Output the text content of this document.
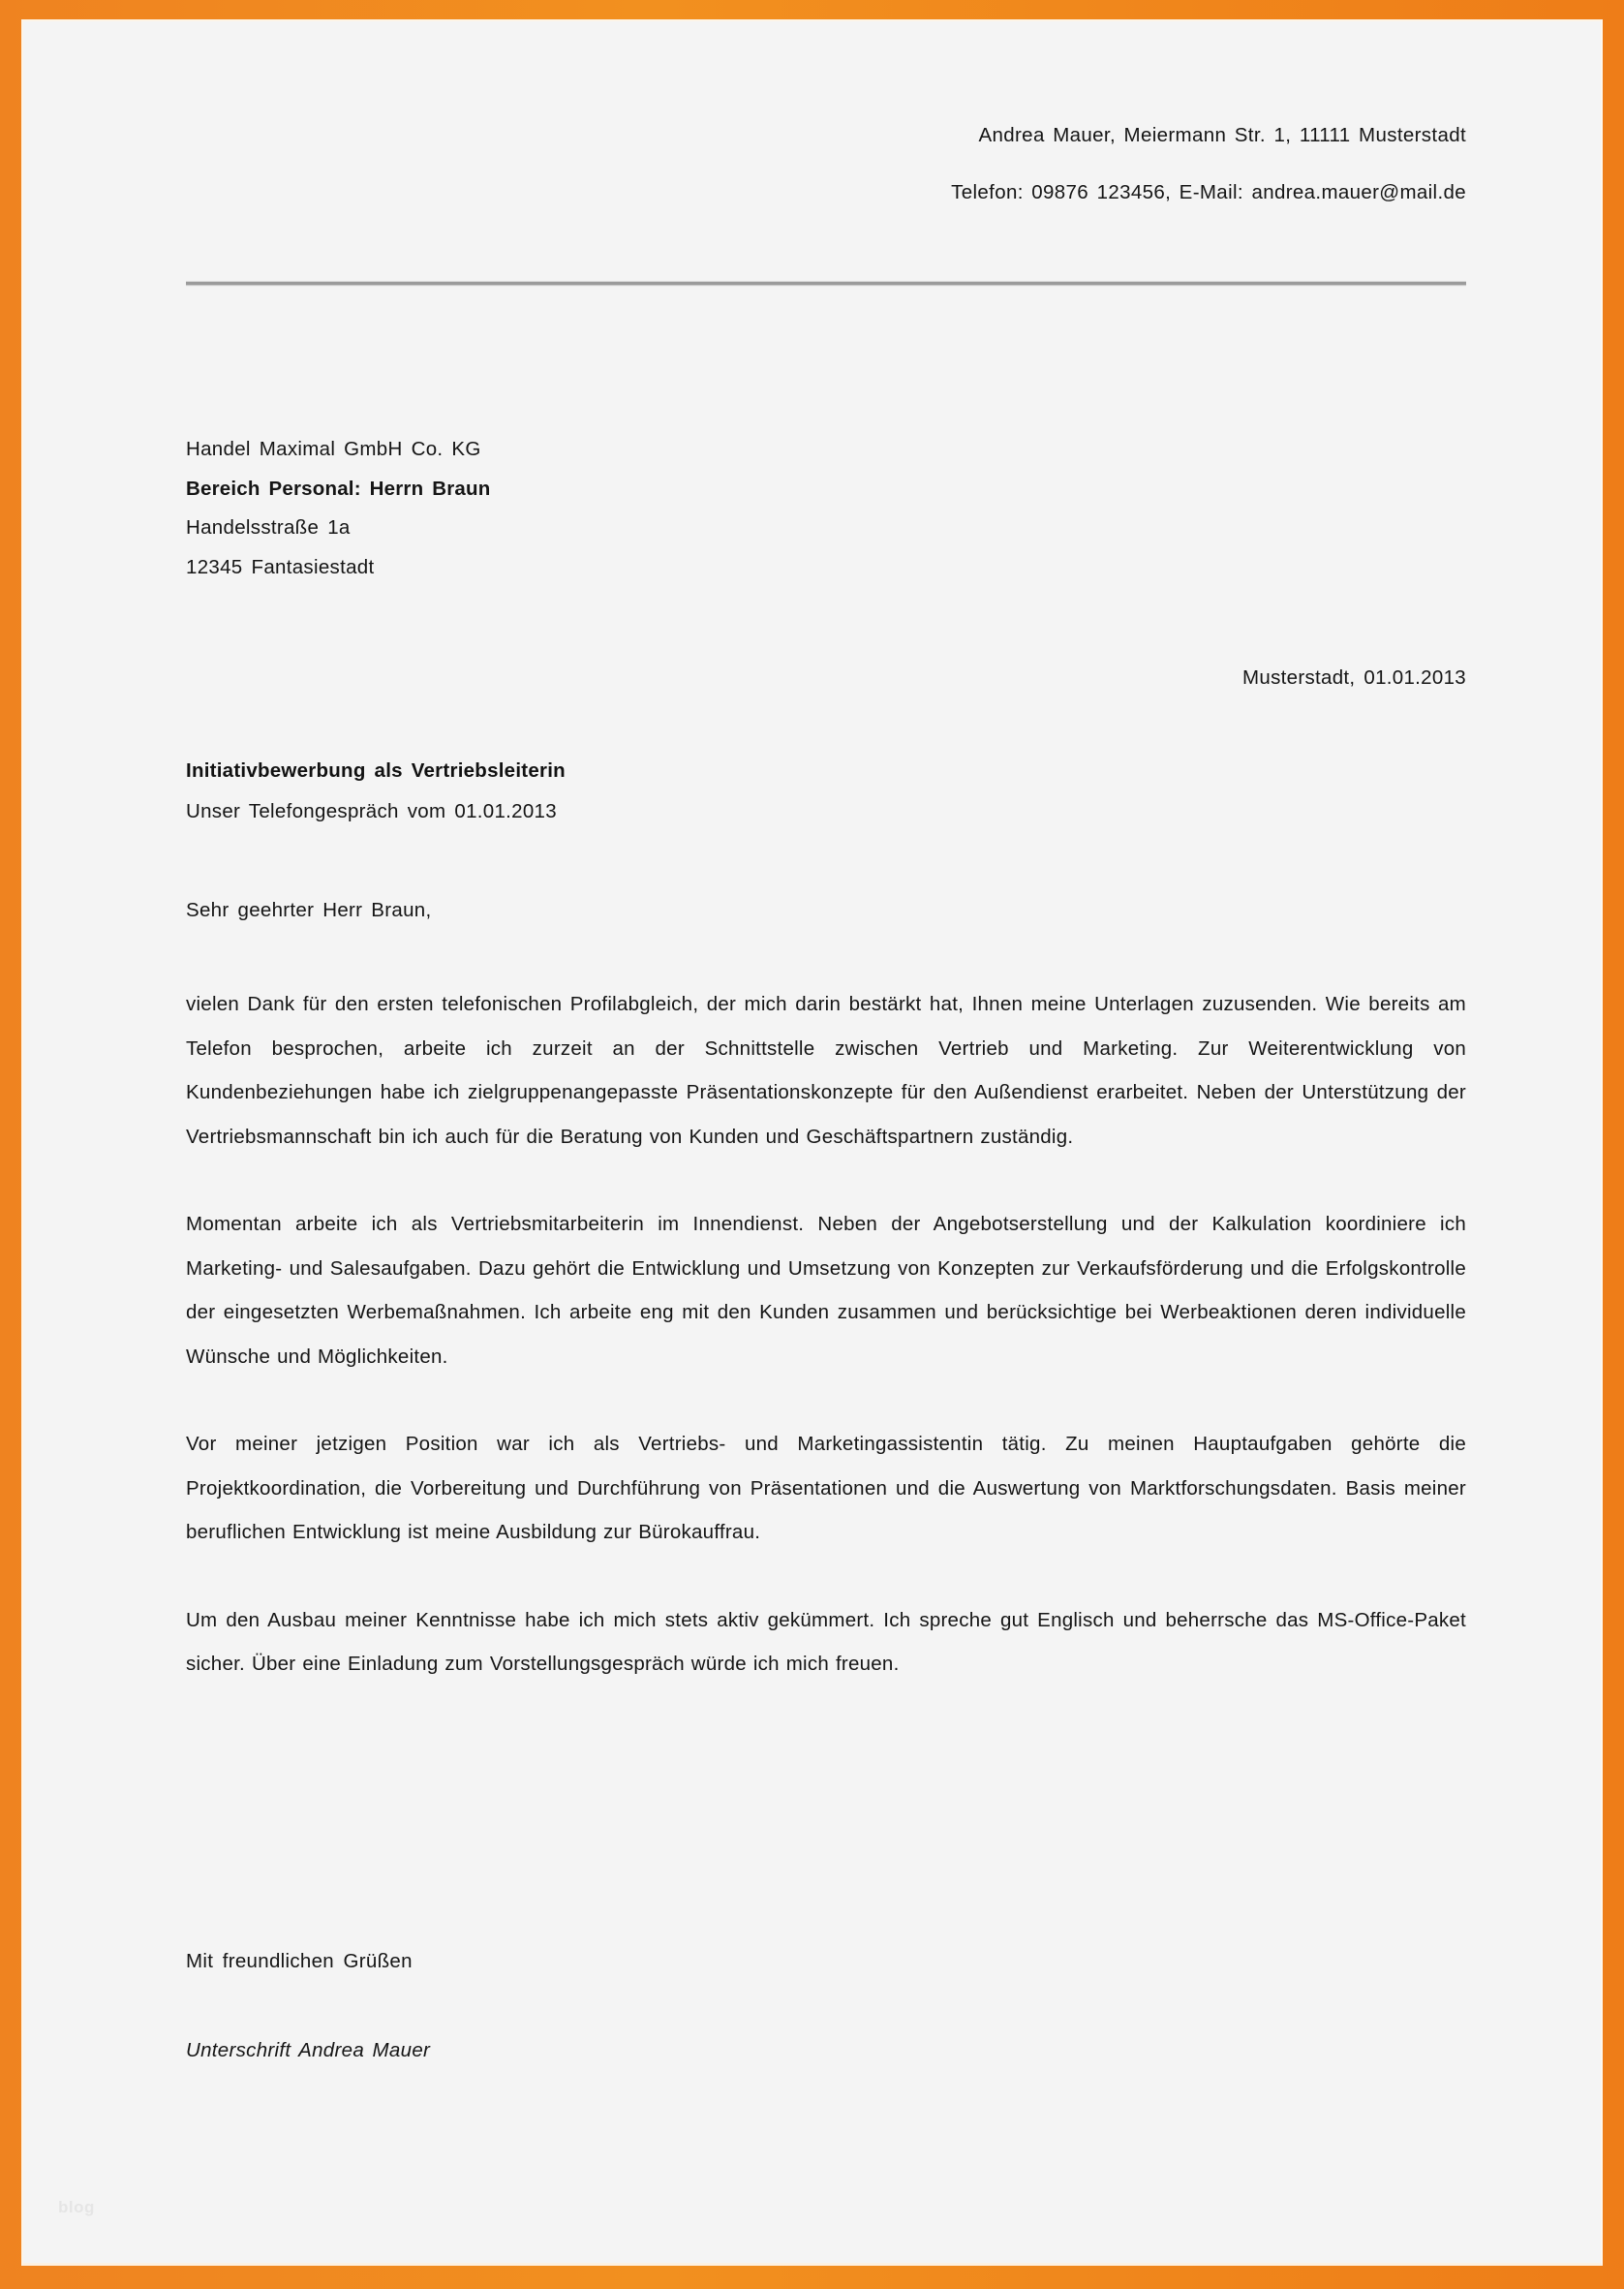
Andrea Mauer, Meiermann Str. 1, 11111 Musterstadt
Telefon: 09876 123456, E-Mail: andrea.mauer@mail.de
Handel Maximal GmbH Co. KG
Bereich Personal: Herrn Braun
Handelsstraße 1a
12345 Fantasiestadt
Musterstadt, 01.01.2013
Initiativbewerbung als Vertriebsleiterin
Unser Telefongespräch vom 01.01.2013
Sehr geehrter Herr Braun,

vielen Dank für den ersten telefonischen Profilabgleich, der mich darin bestärkt hat, Ihnen meine Unterlagen zuzusenden. Wie bereits am Telefon besprochen, arbeite ich zurzeit an der Schnittstelle zwischen Vertrieb und Marketing. Zur Weiterentwicklung von Kundenbeziehungen habe ich zielgruppenangepasste Präsentationskonzepte für den Außendienst erarbeitet. Neben der Unterstützung der Vertriebsmannschaft bin ich auch für die Beratung von Kunden und Geschäftspartnern zuständig.

Momentan arbeite ich als Vertriebsmitarbeiterin im Innendienst. Neben der Angebotserstellung und der Kalkulation koordiniere ich Marketing- und Salesaufgaben. Dazu gehört die Entwicklung und Umsetzung von Konzepten zur Verkaufsförderung und die Erfolgskontrolle der eingesetzten Werbemaßnahmen. Ich arbeite eng mit den Kunden zusammen und berücksichtige bei Werbeaktionen deren individuelle Wünsche und Möglichkeiten.

Vor meiner jetzigen Position war ich als Vertriebs- und Marketingassistentin tätig. Zu meinen Hauptaufgaben gehörte die Projektkoordination, die Vorbereitung und Durchführung von Präsentationen und die Auswertung von Marktforschungsdaten. Basis meiner beruflichen Entwicklung ist meine Ausbildung zur Bürokauffrau.

Um den Ausbau meiner Kenntnisse habe ich mich stets aktiv gekümmert. Ich spreche gut Englisch und beherrsche das MS-Office-Paket sicher. Über eine Einladung zum Vorstellungsgespräch würde ich mich freuen.

Mit freundlichen Grüßen
Unterschrift Andrea Mauer
blog
